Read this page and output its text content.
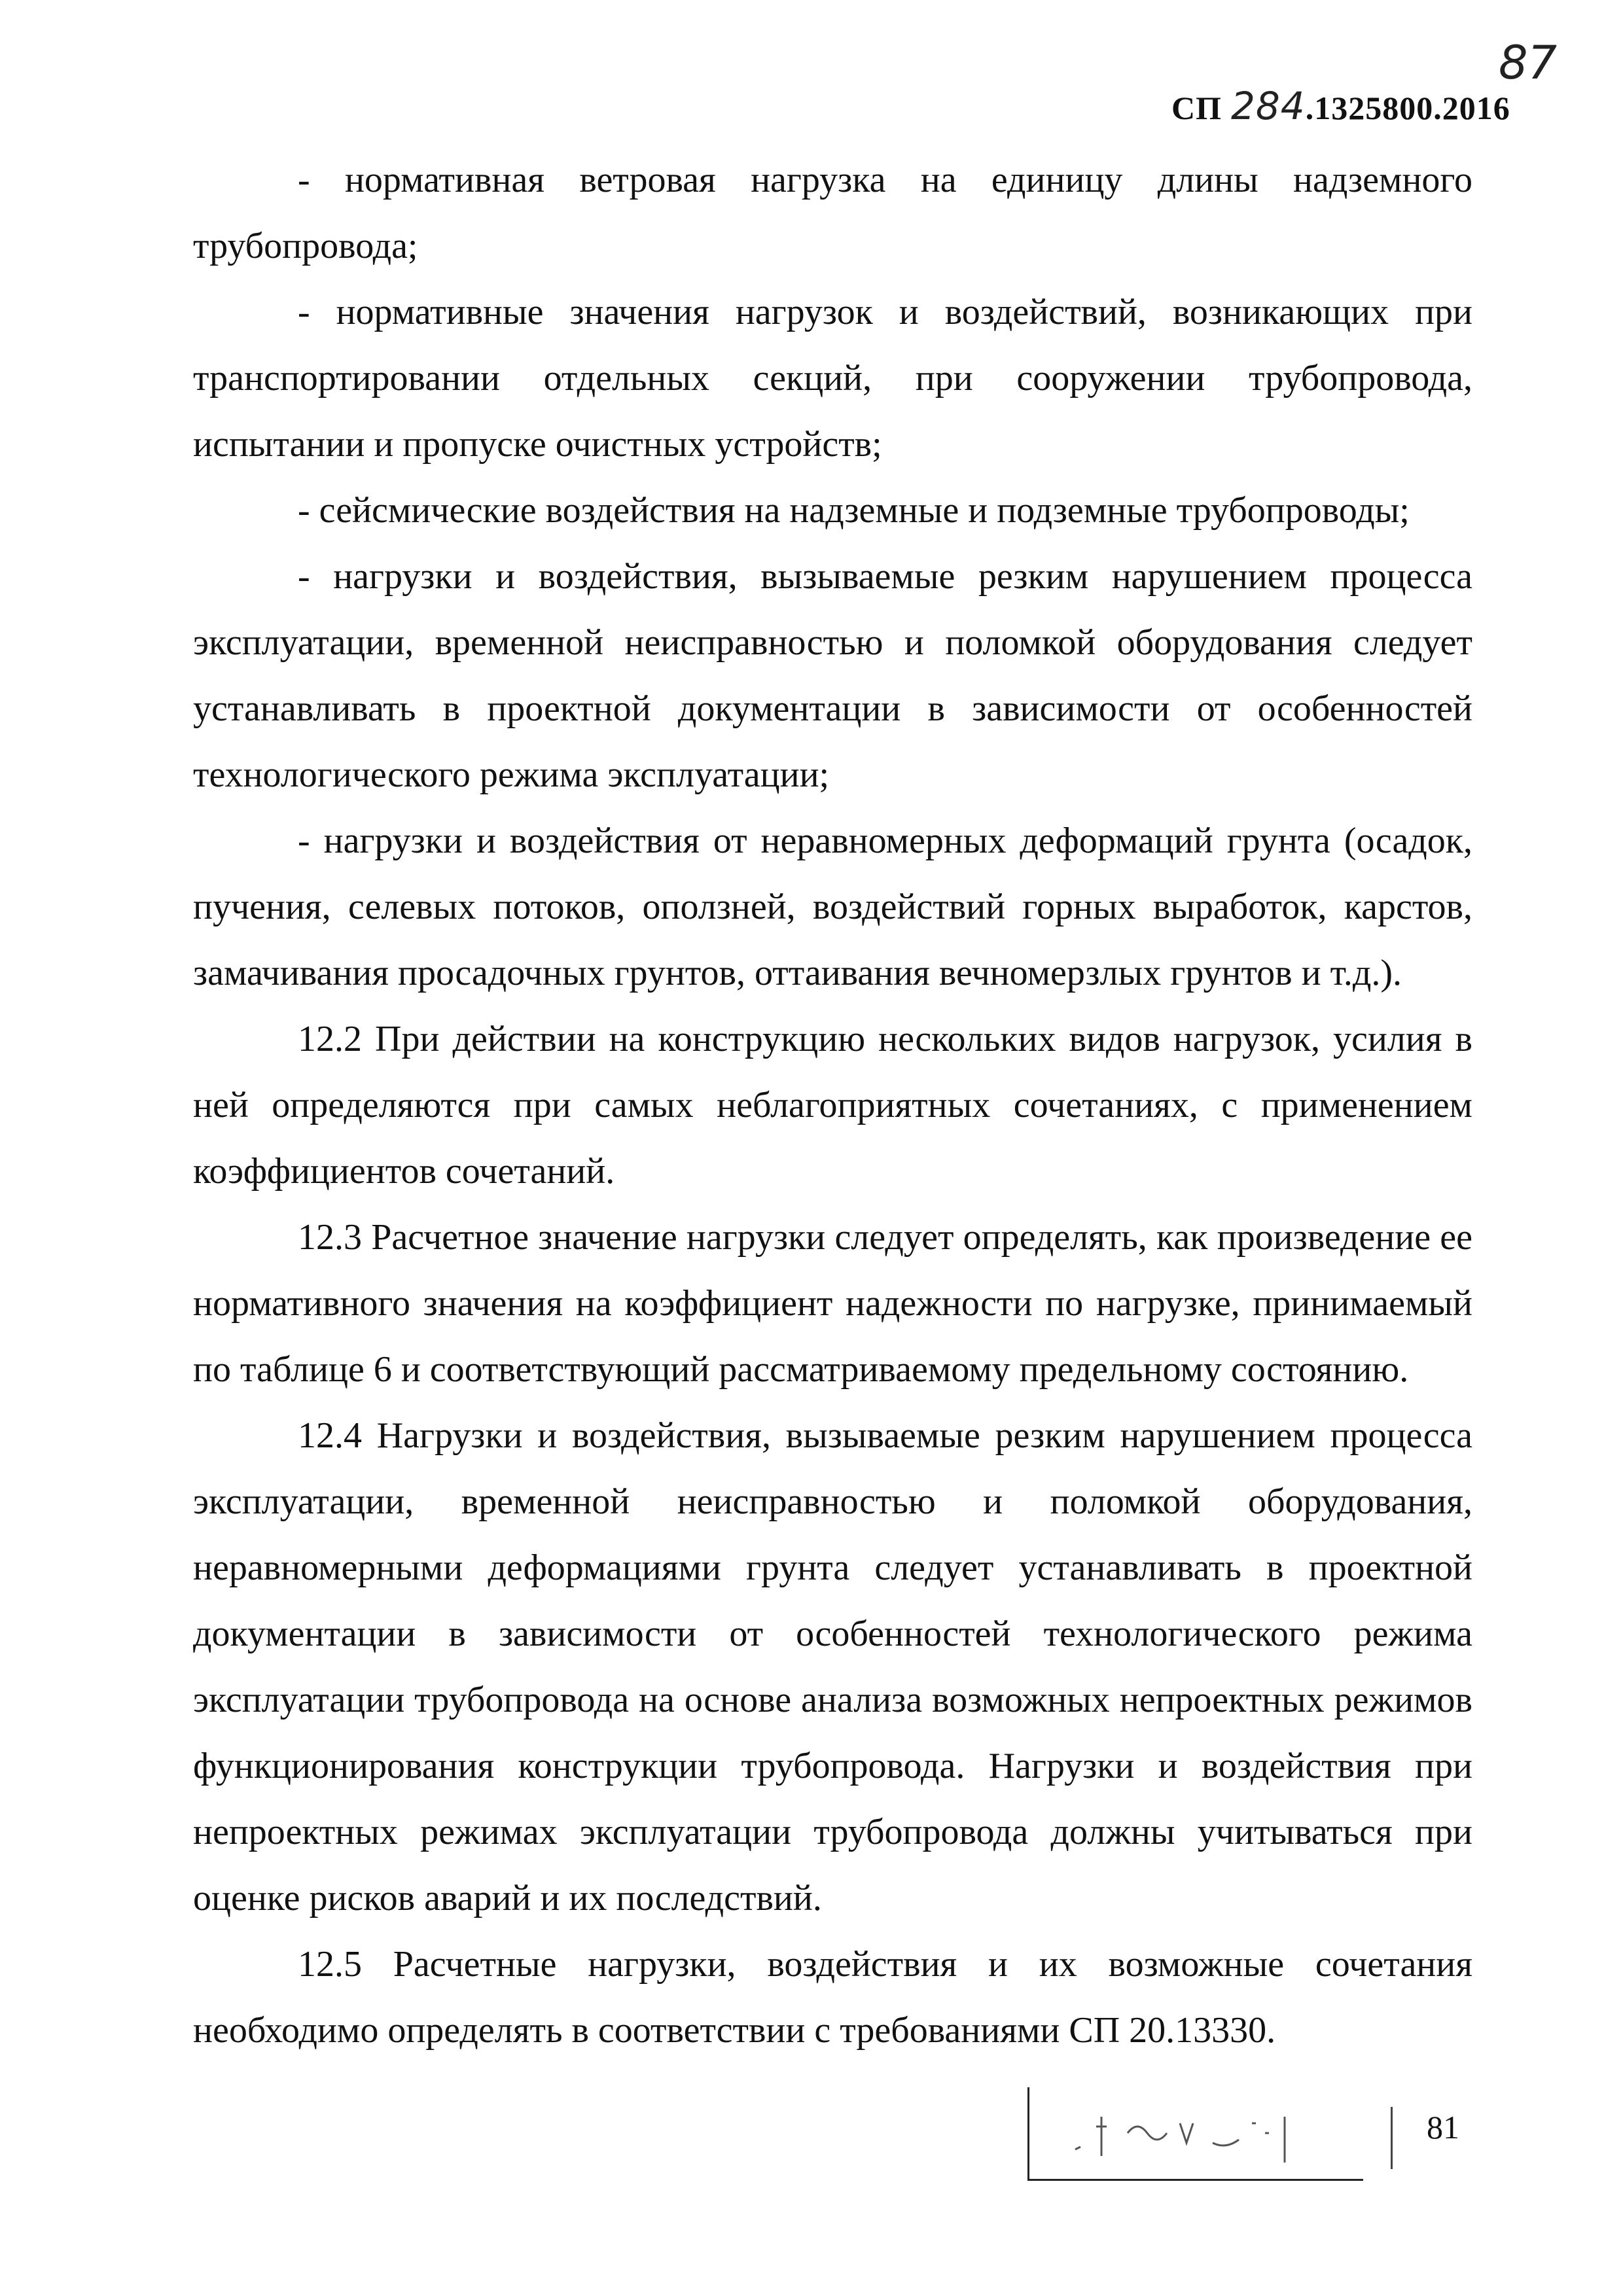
87
СП 284 .1325800.2016

- нормативная ветровая нагрузка на единицу длины надземного трубопровода;

- нормативные значения нагрузок и воздействий, возникающих при транспортировании отдельных секций, при сооружении трубопровода, испытании и пропуске очистных устройств;

- сейсмические воздействия на надземные и подземные трубопроводы;

- нагрузки и воздействия, вызываемые резким нарушением процесса эксплуатации, временной неисправностью и поломкой оборудования следует устанавливать в проектной документации в зависимости от особенностей технологического режима эксплуатации;

- нагрузки и воздействия от неравномерных деформаций грунта (осадок, пучения, селевых потоков, оползней, воздействий горных выработок, карстов, замачивания просадочных грунтов, оттаивания вечномерзлых грунтов и т.д.).

12.2 При действии на конструкцию нескольких видов нагрузок, усилия в ней определяются при самых неблагоприятных сочетаниях, с применением коэффициентов сочетаний.

12.3 Расчетное значение нагрузки следует определять, как произведение ее нормативного значения на коэффициент надежности по нагрузке, принимаемый по таблице 6 и соответствующий рассматриваемому предельному состоянию.

12.4 Нагрузки и воздействия, вызываемые резким нарушением процесса эксплуатации, временной неисправностью и поломкой оборудования, неравномерными деформациями грунта следует устанавливать в проектной документации в зависимости от особенностей технологического режима эксплуатации трубопровода на основе анализа возможных непроектных режимов функционирования конструкции трубопровода. Нагрузки и воздействия при непроектных режимах эксплуатации трубопровода должны учитываться при оценке рисков аварий и их последствий.

12.5 Расчетные нагрузки, воздействия и их возможные сочетания необходимо определять в соответствии с требованиями СП 20.13330.

81
